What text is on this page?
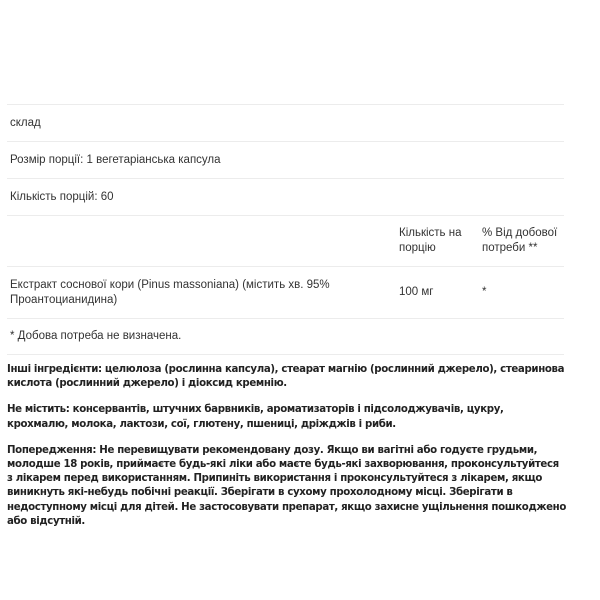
склад
Розмір порції: 1 вегетаріанська капсула
Кількість порцій: 60
Кількість на порцію
% Від добової потреби **
Екстракт соснової кори (Pinus massoniana) (містить хв. 95% Проантоцианидина)
100 мг	*
* Добова потреба не визначена.

Інші інгредієнти: целюлоза (рослинна капсула), стеарат магнію (рослинний джерело), стеаринова кислота (рослинний джерело) і діоксид кремнію.

Не містить: консервантів, штучних барвників, ароматизаторів і підсолоджувачів, цукру, крохмалю, молока, лактози, сої, глютену, пшениці, дріжджів і риби.

Попередження: Не перевищувати рекомендовану дозу. Якщо ви вагітні або годуєте грудьми, молодше 18 років, приймаєте будь-які ліки або маєте будь-які захворювання, проконсультуйтеся з лікарем перед використанням. Припиніть використання і проконсультуйтеся з лікарем, якщо виникнуть які-небудь побічні реакції. Зберігати в сухому прохолодному місці. Зберігати в недоступному місці для дітей. Не застосовувати препарат, якщо захисне ущільнення пошкоджено або відсутній.
